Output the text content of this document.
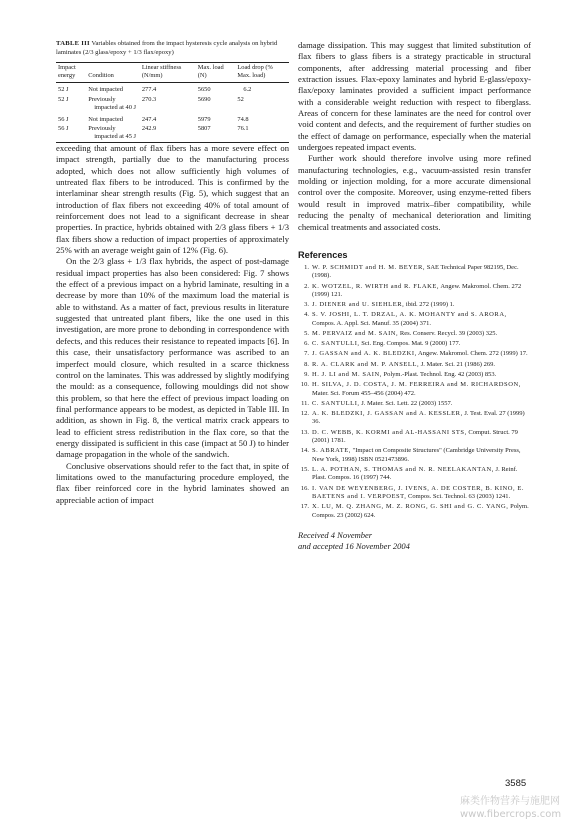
TABLE III Variables obtained from the impact hysteresis cycle analysis on hybrid laminates (2/3 glass/epoxy + 1/3 flax/epoxy)
Impact energy	Condition	Linear stiffness (N/mm)	Max. load (N)	Load drop (% Max. load)
52 J	Not impacted	277.4	5650	6.2
52 J	Previously impacted at 40 J	270.3	5690	52
56 J	Not impacted	247.4	5979	74.8
56 J	Previously impacted at 45 J	242.9	5807	76.1

exceeding that amount of flax fibers has a more severe effect on impact strength, partially due to the manufacturing process adopted, which does not allow sufficiently high volumes of untreated flax fibers to be introduced. This is confirmed by the interlaminar shear strength results (Fig. 5), which suggest that an introduction of flax fibers not exceeding 40% of total amount of reinforcement does not lead to a significant decrease in shear properties. In practice, hybrids obtained with 2/3 glass fibers + 1/3 flax fibers show a reduction of impact properties of approximately 25% with an average weight gain of 12% (Fig. 6).

On the 2/3 glass + 1/3 flax hybrids, the aspect of post-damage residual impact properties has also been considered: Fig. 7 shows the effect of a previous impact on a hybrid laminate, resulting in a decrease by more than 10% of the maximum load the material is able to withstand. As a matter of fact, previous results in literature suggested that untreated plant fibers, like the one used in this investigation, are more prone to debonding in correspondence with defects, and this reduces their resistance to repeated impacts [6]. In this case, their unsatisfactory performance was ascribed to an imperfect mould closure, which resulted in a scarce thickness control on the laminates. This was addressed by slightly modifying the mould: as a consequence, following mouldings did not show this problem, so that here the effect of previous impact loading on final performance appears to be modest, as depicted in Table III. In addition, as shown in Fig. 8, the vertical matrix crack appears to lead to efficient stress redistribution in the flax core, so that the energy dissipated is sufficient in this case (impact at 50 J) to hinder damage propagation in the whole of the sandwich.

Conclusive observations should refer to the fact that, in spite of limitations owed to the manufacturing procedure employed, the flax fiber reinforced core in the hybrid laminates showed an appreciable action of impact

damage dissipation. This may suggest that limited substitution of flax fibers to glass fibers is a strategy practicable in structural components, after addressing material processing and fiber extraction issues. Flax-epoxy laminates and hybrid E-glass/epoxy-flax/epoxy laminates provided a sufficient impact performance with a considerable weight reduction with respect to fiberglass. Areas of concern for these laminates are the need for control over void content and defects, and the requirement of further studies on the effect of damage on performance, especially when the material undergoes repeated impact events.

Further work should therefore involve using more refined manufacturing technologies, e.g., vacuum-assisted resin transfer molding or injection molding, for a more accurate dimensional control over the composite. Moreover, using enzyme-retted fibers would result in improved matrix–fiber compatibility, while reducing the penalty of mechanical deterioration and limiting chemical treatments and associated costs.

References
1. W. P. SCHMIDT and H. M. BEYER, SAE Technical Paper 982195, Dec. (1998).
2. K. WOTZEL, R. WIRTH and R. FLAKE, Angew. Makromol. Chem. 272 (1999) 121.
3. J. DIENER and U. SIEHLER, ibid. 272 (1999) 1.
4. S. V. JOSHI, L. T. DRZAL, A. K. MOHANTY and S. ARORA, Compos. A. Appl. Sci. Manuf. 35 (2004) 371.
5. M. PERVAIZ and M. SAIN, Res. Conserv. Recycl. 39 (2003) 325.
6. C. SANTULLI, Sci. Eng. Compos. Mat. 9 (2000) 177.
7. J. GASSAN and A. K. BLEDZKI, Angew. Makromol. Chem. 272 (1999) 17.
8. R. A. CLARK and M. P. ANSELL, J. Mater. Sci. 21 (1986) 269.
9. H. J. LI and M. SAIN, Polym.-Plast. Technol. Eng. 42 (2003) 853.
10. H. SILVA, J. D. COSTA, J. M. FERREIRA and M. RICHARDSON, Mater. Sci. Forum 455–456 (2004) 472.
11. C. SANTULLI, J. Mater. Sci. Lett. 22 (2003) 1557.
12. A. K. BLEDZKI, J. GASSAN and A. KESSLER, J. Test. Eval. 27 (1999) 36.
13. D. C. WEBB, K. KORMI and AL-HASSANI STS, Comput. Struct. 79 (2001) 1781.
14. S. ABRATE, "Impact on Composite Structures" (Cambridge University Press, New York, 1998) ISBN 0521473896.
15. L. A. POTHAN, S. THOMAS and N. R. NEELAKANTAN, J. Reinf. Plast. Compos. 16 (1997) 744.
16. I. VAN DE WEYENBERG, J. IVENS, A. DE COSTER, B. KINO, E. BAETENS and I. VERPOEST, Compos. Sci. Technol. 63 (2003) 1241.
17. X. LU, M. Q. ZHANG, M. Z. RONG, G. SHI and G. C. YANG, Polym. Compos. 23 (2002) 624.
Received 4 November
and accepted 16 November 2004
3585
麻类作物营养与施肥网
www.fibercrops.com
